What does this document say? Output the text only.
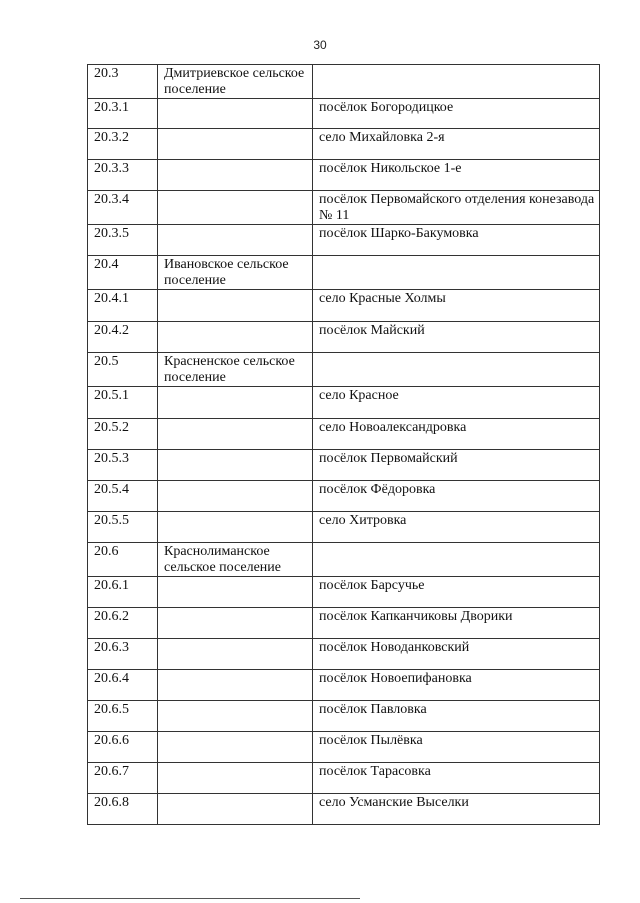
30
20.3	Дмитриевское сельское поселение	
20.3.1		посёлок Богородицкое
20.3.2		село Михайловка 2-я
20.3.3		посёлок Никольское 1-е
20.3.4		посёлок Первомайского отделения конезавода № 11
20.3.5		посёлок Шарко-Бакумовка
20.4	Ивановское сельское поселение	
20.4.1		село Красные Холмы
20.4.2		посёлок Майский
20.5	Красненское сельское поселение	
20.5.1		село Красное
20.5.2		село Новоалександровка
20.5.3		посёлок Первомайский
20.5.4		посёлок Фёдоровка
20.5.5		село Хитровка
20.6	Краснолиманское сельское поселение	
20.6.1		посёлок Барсучье
20.6.2		посёлок Капканчиковы Дворики
20.6.3		посёлок Новоданковский
20.6.4		посёлок Новоепифановка
20.6.5		посёлок Павловка
20.6.6		посёлок Пылёвка
20.6.7		посёлок Тарасовка
20.6.8		село Усманские Выселки
